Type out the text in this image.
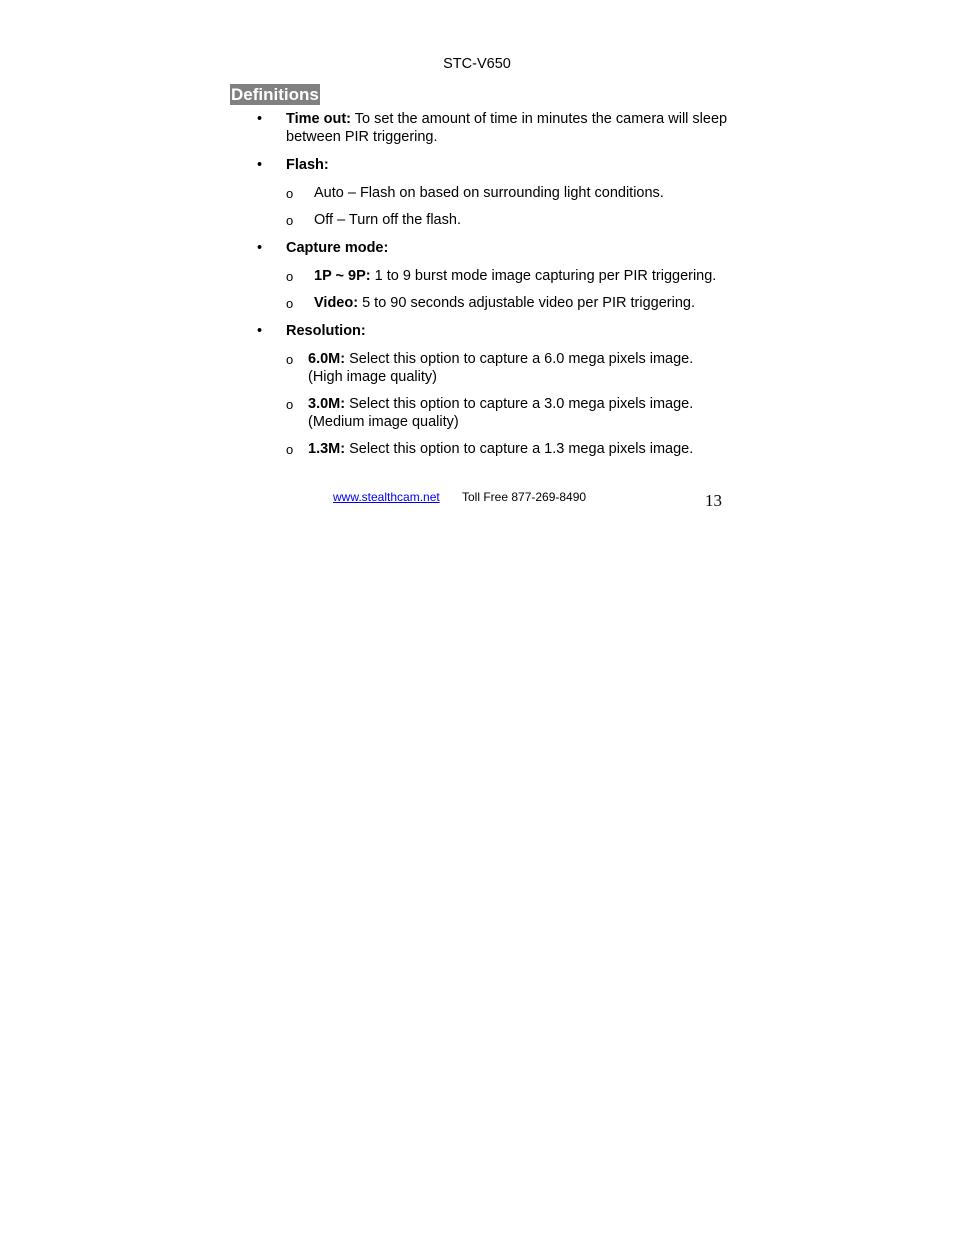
STC-V650
Definitions
• Time out: To set the amount of time in minutes the camera will sleep between PIR triggering.
• Flash:
o Auto – Flash on based on surrounding light conditions.
o Off – Turn off the flash.
• Capture mode:
o 1P ~ 9P: 1 to 9 burst mode image capturing per PIR triggering.
o Video: 5 to 90 seconds adjustable video per PIR triggering.
• Resolution:
o 6.0M: Select this option to capture a 6.0 mega pixels image. (High image quality)
o 3.0M: Select this option to capture a 3.0 mega pixels image. (Medium image quality)
o 1.3M: Select this option to capture a 1.3 mega pixels image.
www.stealthcam.net Toll Free 877-269-8490	13
